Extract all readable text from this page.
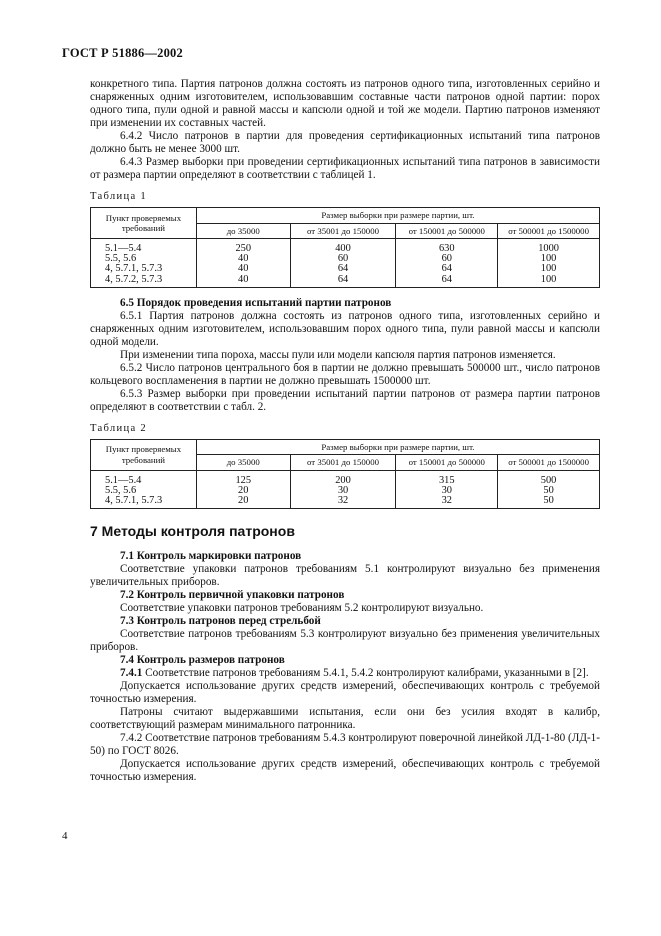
ГОСТ Р 51886—2002

конкретного типа. Партия патронов должна состоять из патронов одного типа, изготовленных серийно и снаряженных одним изготовителем, использовавшим составные части патронов одной партии: порох одного типа, пули одной и равной массы и капсюли одной и той же модели. Партию патронов изменяют при изменении их составных частей.

6.4.2 Число патронов в партии для проведения сертификационных испытаний типа патронов должно быть не менее 3000 шт.

6.4.3 Размер выборки при проведении сертификационных испытаний типа патронов в зависимости от размера партии определяют в соответствии с таблицей 1.

Таблица 1
Пункт проверяемых требований	Размер выборки при размере партии, шт.			
	до 35000	от 35001 до 150000	от 150001 до 500000	от 500001 до 1500000
5.1—5.4	250	400	630	1000
5.5, 5.6	40	60	60	100
4, 5.7.1, 5.7.3	40	64	64	100
4, 5.7.2, 5.7.3	40	64	64	100

6.5 Порядок проведения испытаний партии патронов

6.5.1 Партия патронов должна состоять из патронов одного типа, изготовленных серийно и снаряженных одним изготовителем, использовавшим порох одного типа, пули равной массы и капсюли одной модели.

При изменении типа пороха, массы пули или модели капсюля партия патронов изменяется.

6.5.2 Число патронов центрального боя в партии не должно превышать 500000 шт., число патронов кольцевого воспламенения в партии не должно превышать 1500000 шт.

6.5.3 Размер выборки при проведении испытаний партии патронов от размера партии патронов определяют в соответствии с табл. 2.

Таблица 2
Пункт проверяемых требований	Размер выборки при размере партии, шт.			
	до 35000	от 35001 до 150000	от 150001 до 500000	от 500001 до 1500000
5.1—5.4	125	200	315	500
5.5, 5.6	20	30	30	50
4, 5.7.1, 5.7.3	20	32	32	50
7 Методы контроля патронов

7.1 Контроль маркировки патронов

Соответствие упаковки патронов требованиям 5.1 контролируют визуально без применения увеличительных приборов.

7.2 Контроль первичной упаковки патронов

Соответствие упаковки патронов требованиям 5.2 контролируют визуально.

7.3 Контроль патронов перед стрельбой

Соответствие патронов требованиям 5.3 контролируют визуально без применения увеличительных приборов.

7.4 Контроль размеров патронов

7.4.1 Соответствие патронов требованиям 5.4.1, 5.4.2 контролируют калибрами, указанными в [2].

Допускается использование других средств измерений, обеспечивающих контроль с требуемой точностью измерения.

Патроны считают выдержавшими испытания, если они без усилия входят в калибр, соответствующий размерам минимального патронника.

7.4.2 Соответствие патронов требованиям 5.4.3 контролируют поверочной линейкой ЛД-1-80 (ЛД-1-50) по ГОСТ 8026.

Допускается использование других средств измерений, обеспечивающих контроль с требуемой точностью измерения.

4
